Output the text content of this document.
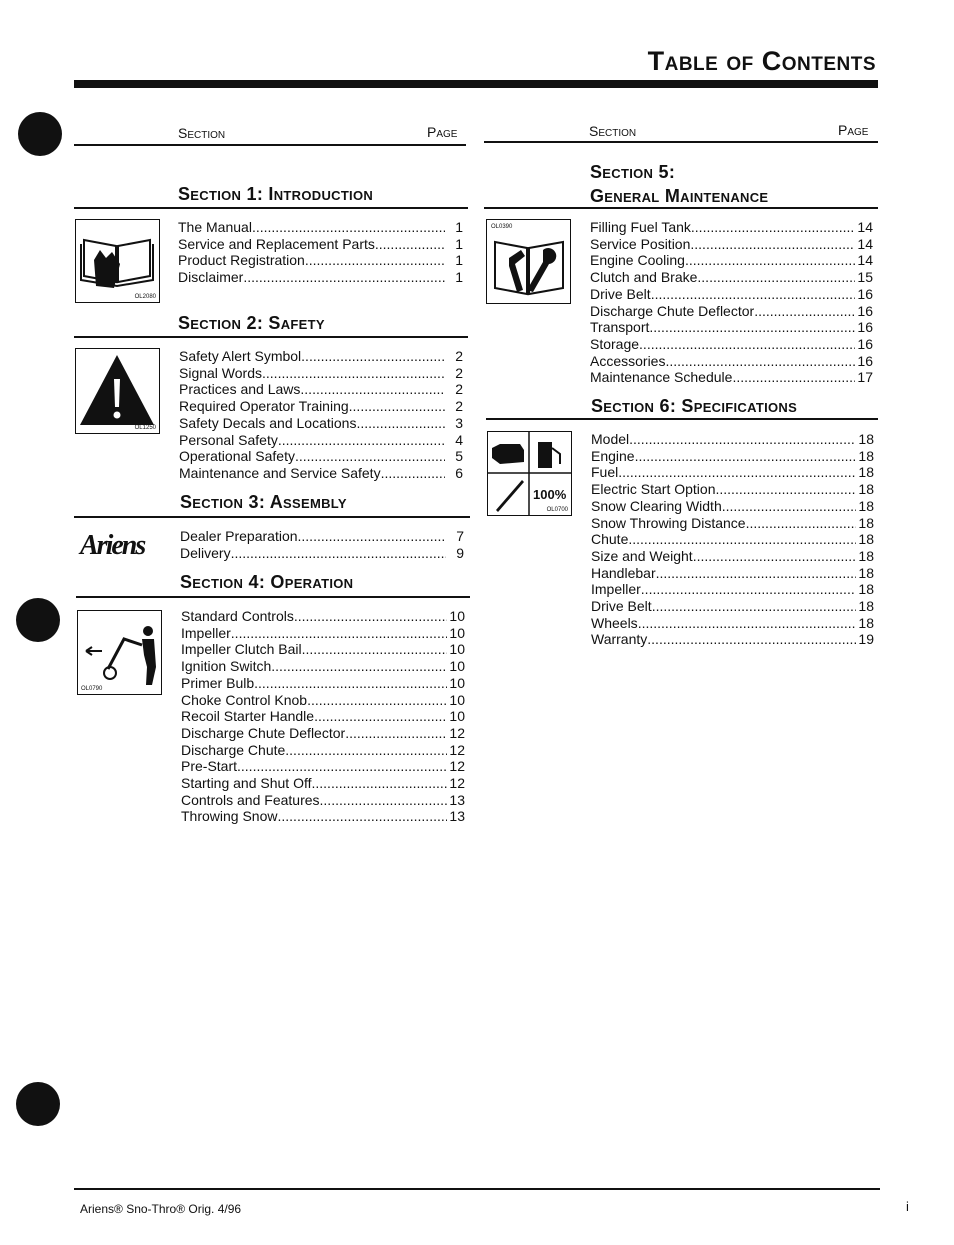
Table of Contents
Section	Page	Section	Page
Section 1: Introduction
OL2080
The Manual .....	1
Service and Replacement Parts .....	1
Product Registration .....	1
Disclaimer .....	1
Section 2: Safety
OL1250
Safety Alert Symbol .....	2
Signal Words .....	2
Practices and Laws .....	2
Required Operator Training .....	2
Safety Decals and Locations .....	3
Personal Safety .....	4
Operational Safety .....	5
Maintenance and Service Safety .....	6
Section 3: Assembly
Ariens	Dealer Preparation .....	7
Delivery .....	9
Section 4: Operation
OL0790
Standard Controls .....	10
Impeller .....	10
Impeller Clutch Bail .....	10
Ignition Switch .....	10
Primer Bulb .....	10
Choke Control Knob .....	10
Recoil Starter Handle .....	10
Discharge Chute Deflector .....	12
Discharge Chute .....	12
Pre-Start .....	12
Starting and Shut Off .....	12
Controls and Features .....	13
Throwing Snow .....	13
Section 5:
General Maintenance
OL0390	Filling Fuel Tank .....	14
Service Position .....	14
Engine Cooling .....	14
Clutch and Brake .....	15
Drive Belt .....	16
Discharge Chute Deflector .....	16
Transport .....	16
Storage .....	16
Accessories .....	16
Maintenance Schedule .....	17
Section 6: Specifications
100%
OL0700
Model .....	18
Engine .....	18
Fuel .....	18
Electric Start Option .....	18
Snow Clearing Width .....	18
Snow Throwing Distance .....	18
Chute .....	18
Size and Weight .....	18
Handlebar .....	18
Impeller .....	18
Drive Belt .....	18
Wheels .....	18
Warranty .....	19
Ariens® Sno-Thro® Orig. 4/96	i
